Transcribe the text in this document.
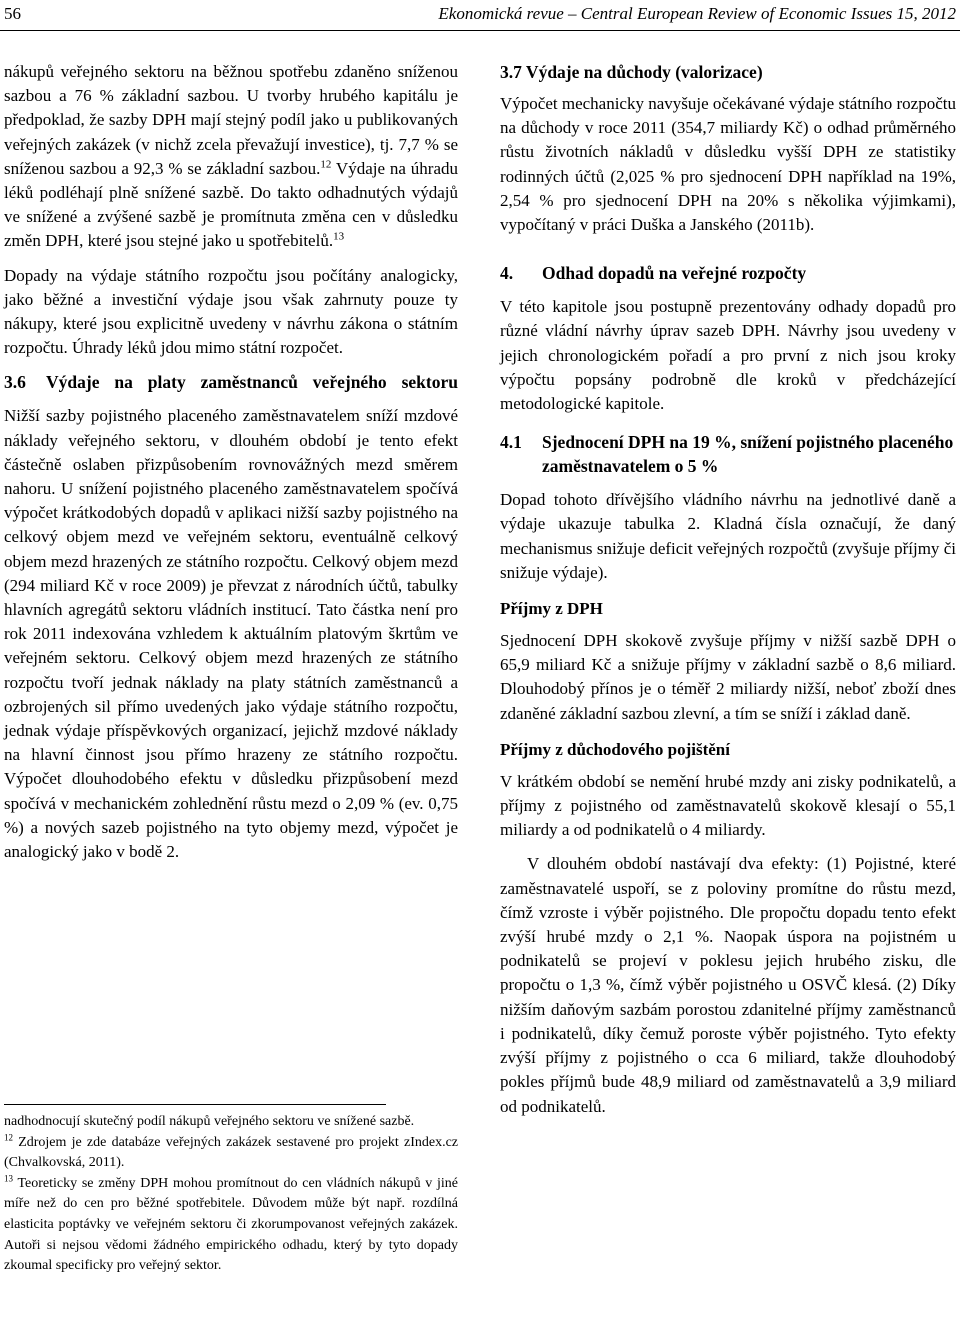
56	Ekonomická revue – Central European Review of Economic Issues 15, 2012

nákupů veřejného sektoru na běžnou spotřebu zdaněno sníženou sazbou a 76 % základní sazbou. U tvorby hrubého kapitálu je předpoklad, že sazby DPH mají stejný podíl jako u publikovaných veřejných zakázek (v nichž zcela převažují investice), tj. 7,7 % se sníženou sazbou a 92,3 % se základní sazbou.$^{12}$ Výdaje na úhradu léků podléhají plně snížené sazbě. Do takto odhadnutých výdajů ve snížené a zvýšené sazbě je promítnuta změna cen v důsledku změn DPH, které jsou stejné jako u spotřebitelů.$^{13}$

Dopady na výdaje státního rozpočtu jsou počítány analogicky, jako běžné a investiční výdaje jsou však zahrnuty pouze ty nákupy, které jsou explicitně uvedeny v návrhu zákona o státním rozpočtu. Úhrady léků jdou mimo státní rozpočet.

3.6	Výdaje na platy zaměstnanců veřejného sektoru

Nižší sazby pojistného placeného zaměstnavatelem sníží mzdové náklady veřejného sektoru, v dlouhém období je tento efekt částečně oslaben přizpůsobením rovnovážných mezd směrem nahoru. U snížení pojistného placeného zaměstnavatelem spočívá výpočet krátkodobých dopadů v aplikaci nižší sazby pojistného na celkový objem mezd ve veřejném sektoru, eventuálně celkový objem mezd hrazených ze státního rozpočtu. Celkový objem mezd (294 miliard Kč v roce 2009) je převzat z národních účtů, tabulky hlavních agregátů sektoru vládních institucí. Tato částka není pro rok 2011 indexována vzhledem k aktuálním platovým škrtům ve veřejném sektoru. Celkový objem mezd hrazených ze státního rozpočtu tvoří jednak náklady na platy státních zaměstnanců a ozbrojených sil přímo uvedených jako výdaje státního rozpočtu, jednak výdaje příspěvkových organizací, jejichž mzdové náklady na hlavní činnost jsou přímo hrazeny ze státního rozpočtu. Výpočet dlouhodobého efektu v důsledku přizpůsobení mezd spočívá v mechanickém zohlednění růstu mezd o 2,09 % (ev. 0,75 %) a nových sazeb pojistného na tyto objemy mezd, výpočet je analogický jako v bodě 2.

nadhodnocují skutečný podíl nákupů veřejného sektoru ve snížené sazbě.

$^{12}$ Zdrojem je zde databáze veřejných zakázek sestavené pro projekt zIndex.cz (Chvalkovská, 2011).

$^{13}$ Teoreticky se změny DPH mohou promítnout do cen vládních nákupů v jiné míře než do cen pro běžné spotřebitele. Důvodem může být např. rozdílná elasticita poptávky ve veřejném sektoru či zkorumpovanost veřejných zakázek. Autoři si nejsou vědomi žádného empirického odhadu, který by tyto dopady zkoumal specificky pro veřejný sektor.

3.7 Výdaje na důchody (valorizace)

Výpočet mechanicky navyšuje očekávané výdaje státního rozpočtu na důchody v roce 2011 (354,7 miliardy Kč) o odhad průměrného růstu životních nákladů v důsledku vyšší DPH ze statistiky rodinných účtů (2,025 % pro sjednocení DPH například na 19%, 2,54 % pro sjednocení DPH na 20% s několika výjimkami), vypočítaný v práci Duška a Janského (2011b).

4.	Odhad dopadů na veřejné rozpočty

V této kapitole jsou postupně prezentovány odhady dopadů pro různé vládní návrhy úprav sazeb DPH. Návrhy jsou uvedeny v jejich chronologickém pořadí a pro první z nich jsou kroky výpočtu popsány podrobně dle kroků v předcházející metodologické kapitole.

4.1	Sjednocení DPH na 19 %, snížení pojistného placeného zaměstnavatelem o 5 %

Dopad tohoto dřívějšího vládního návrhu na jednotlivé daně a výdaje ukazuje tabulka 2. Kladná čísla označují, že daný mechanismus snižuje deficit veřejných rozpočtů (zvyšuje příjmy či snižuje výdaje).

Příjmy z DPH

Sjednocení DPH skokově zvyšuje příjmy v nižší sazbě DPH o 65,9 miliard Kč a snižuje příjmy v základní sazbě o 8,6 miliard. Dlouhodobý přínos je o téměř 2 miliardy nižší, neboť zboží dnes zdaněné základní sazbou zlevní, a tím se sníží i základ daně.

Příjmy z důchodového pojištění

V krátkém období se nemění hrubé mzdy ani zisky podnikatelů, a příjmy z pojistného od zaměstnavatelů skokově klesají o 55,1 miliardy a od podnikatelů o 4 miliardy.

V dlouhém období nastávají dva efekty: (1) Pojistné, které zaměstnavatelé uspoří, se z poloviny promítne do růstu mezd, čímž vzroste i výběr pojistného. Dle propočtu dopadu tento efekt zvýší hrubé mzdy o 2,1 %. Naopak úspora na pojistném u podnikatelů se projeví v poklesu jejich hrubého zisku, dle propočtu o 1,3 %, čímž výběr pojistného u OSVČ klesá. (2) Díky nižším daňovým sazbám porostou zdanitelné příjmy zaměstnanců i podnikatelů, díky čemuž poroste výběr pojistného. Tyto efekty zvýší příjmy z pojistného o cca 6 miliard, takže dlouhodobý pokles příjmů bude 48,9 miliard od zaměstnavatelů a 3,9 miliard od podnikatelů.
